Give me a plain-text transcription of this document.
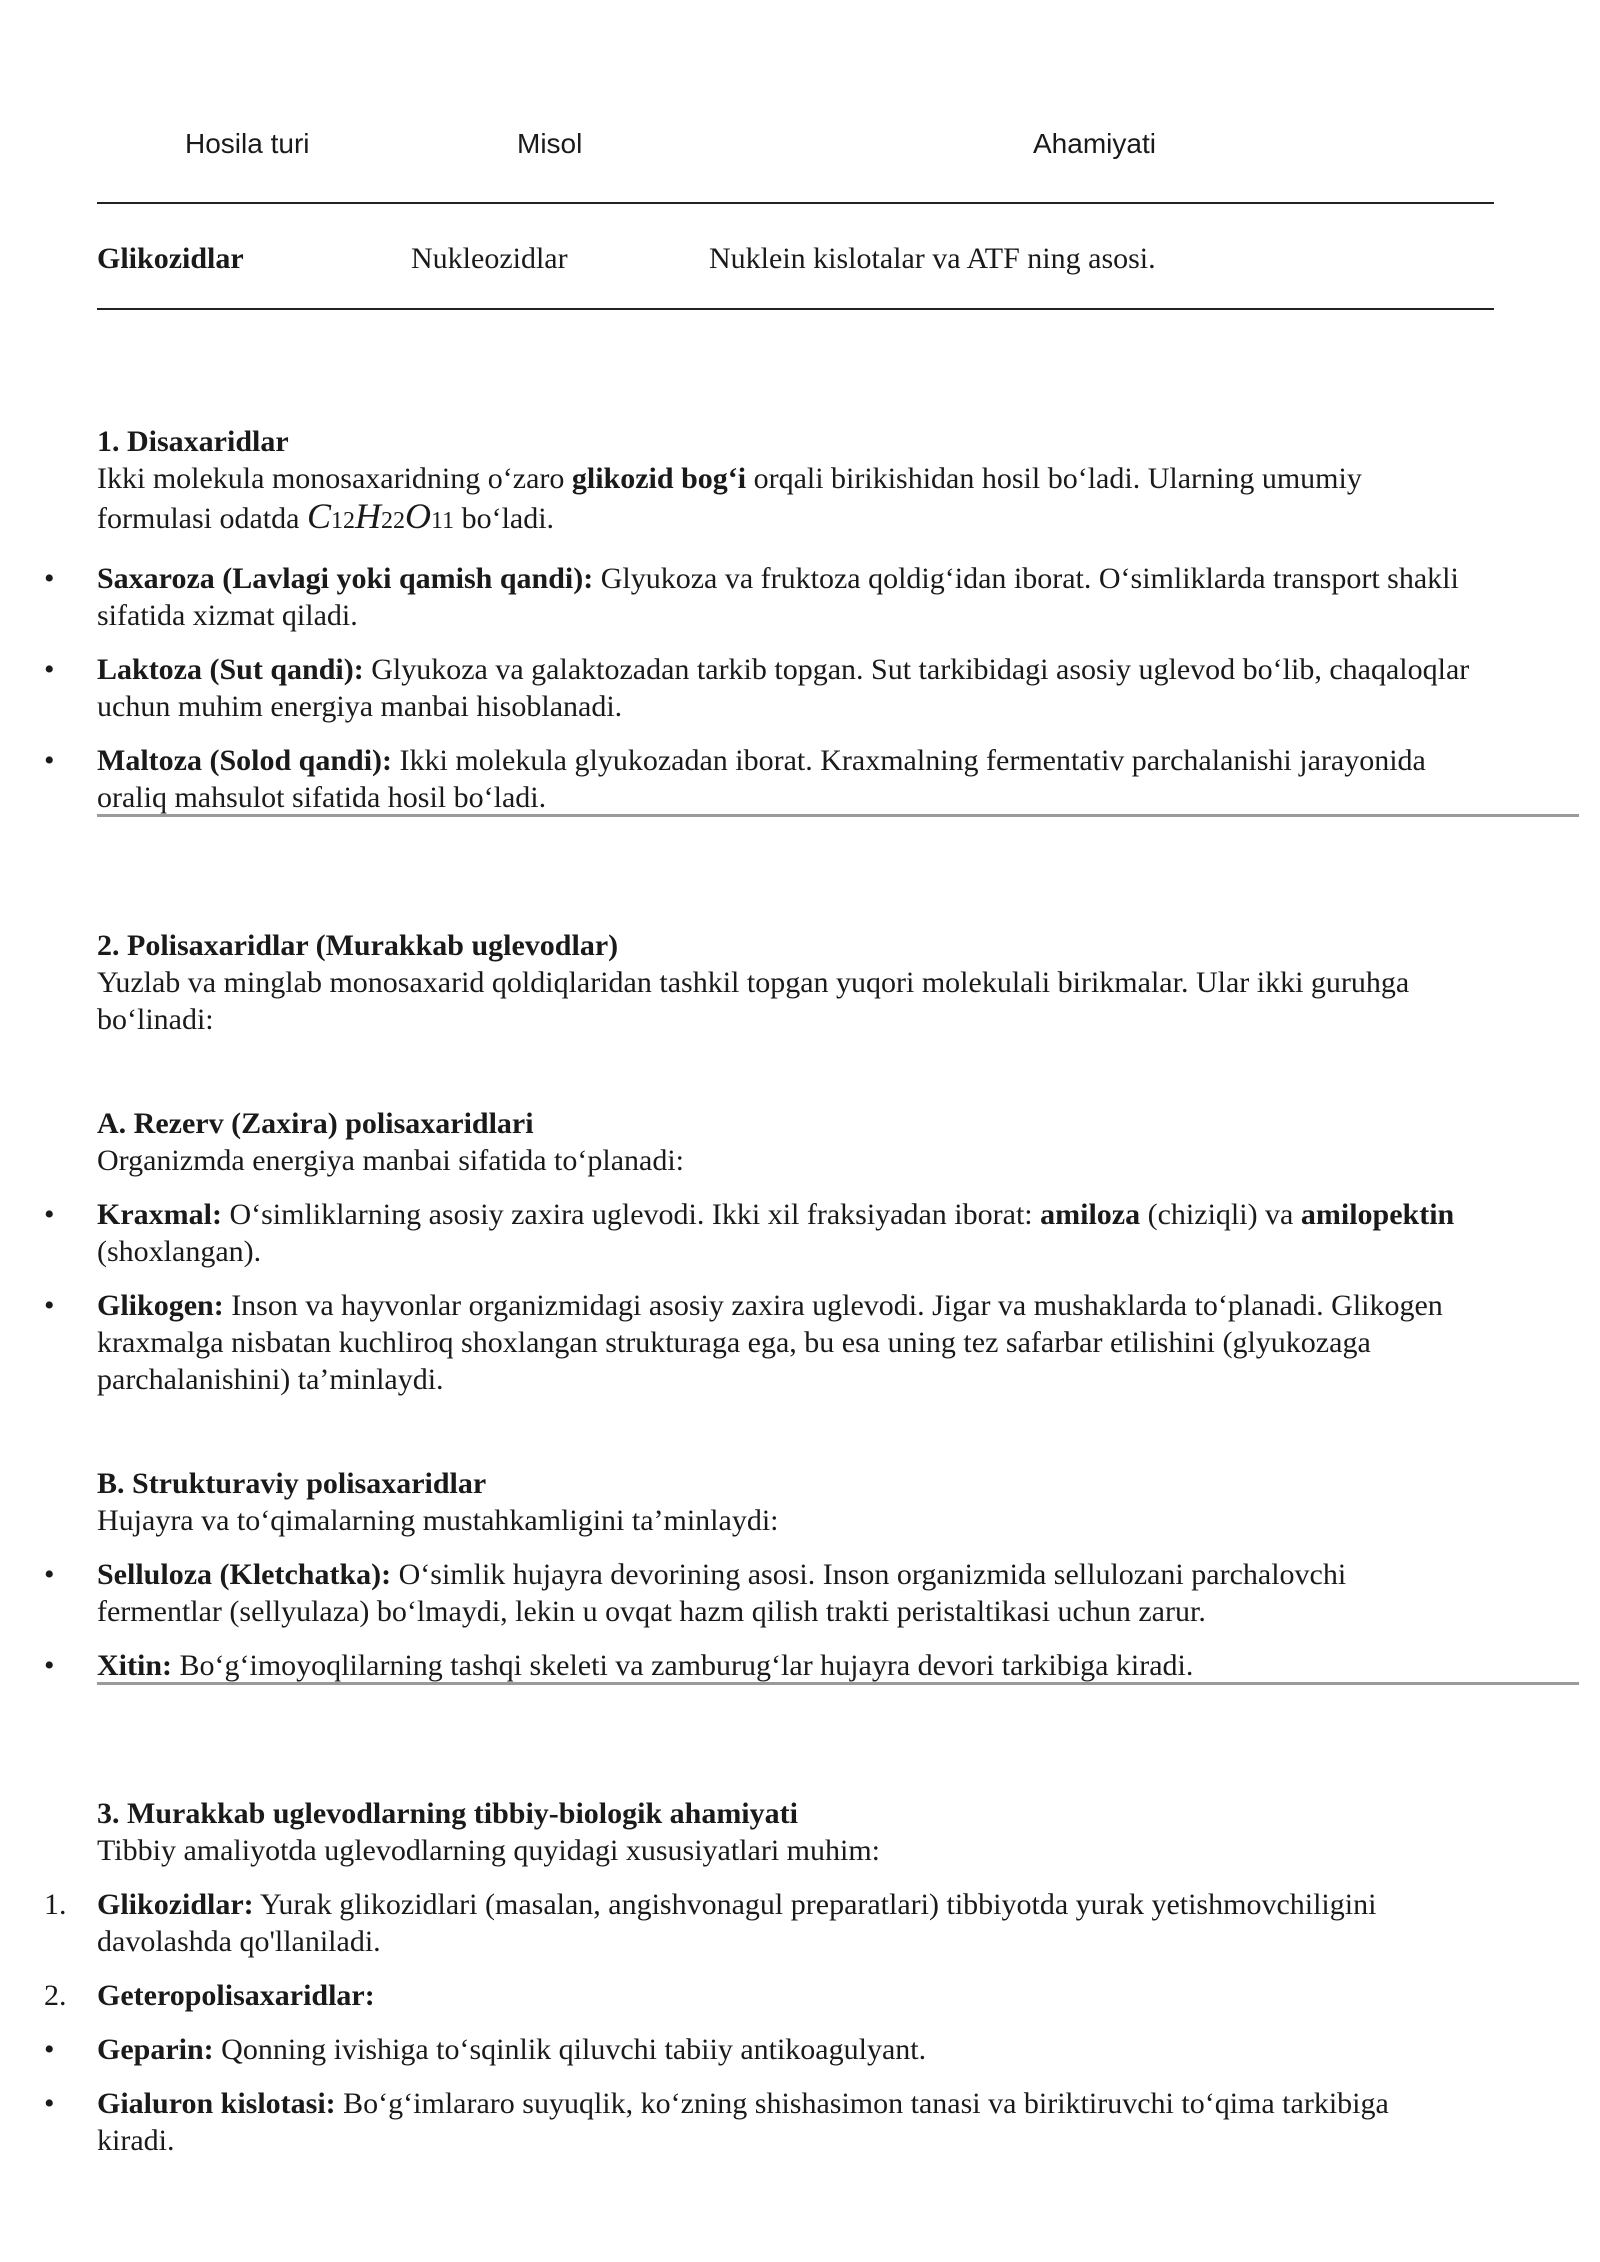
Hosila turi	Misol	Ahamiyati
Glikozidlar	Nukleozidlar	Nuklein kislotalar va ATF ning asosi.
1. Disaxaridlar
Ikki molekula monosaxaridning o‘zaro glikozid bog‘i orqali birikishidan hosil bo‘ladi. Ularning umumiy
formulasi odatda C12H22O11 bo‘ladi.
• Saxaroza (Lavlagi yoki qamish qandi): Glyukoza va fruktoza qoldig‘idan iborat. O‘simliklarda transport shakli
sifatida xizmat qiladi.
• Laktoza (Sut qandi): Glyukoza va galaktozadan tarkib topgan. Sut tarkibidagi asosiy uglevod bo‘lib, chaqaloqlar
uchun muhim energiya manbai hisoblanadi.
• Maltoza (Solod qandi): Ikki molekula glyukozadan iborat. Kraxmalning fermentativ parchalanishi jarayonida
oraliq mahsulot sifatida hosil bo‘ladi.
2. Polisaxaridlar (Murakkab uglevodlar)
Yuzlab va minglab monosaxarid qoldiqlaridan tashkil topgan yuqori molekulali birikmalar. Ular ikki guruhga
bo‘linadi:
A. Rezerv (Zaxira) polisaxaridlari
Organizmda energiya manbai sifatida to‘planadi:
• Kraxmal: O‘simliklarning asosiy zaxira uglevodi. Ikki xil fraksiyadan iborat: amiloza (chiziqli) va amilopektin
(shoxlangan).
• Glikogen: Inson va hayvonlar organizmidagi asosiy zaxira uglevodi. Jigar va mushaklarda to‘planadi. Glikogen
kraxmalga nisbatan kuchliroq shoxlangan strukturaga ega, bu esa uning tez safarbar etilishini (glyukozaga
parchalanishini) ta’minlaydi.
B. Strukturaviy polisaxaridlar
Hujayra va to‘qimalarning mustahkamligini ta’minlaydi:
• Selluloza (Kletchatka): O‘simlik hujayra devorining asosi. Inson organizmida sellulozani parchalovchi
fermentlar (sellyulaza) bo‘lmaydi, lekin u ovqat hazm qilish trakti peristaltikasi uchun zarur.
• Xitin: Bo‘g‘imoyoqlilarning tashqi skeleti va zamburug‘lar hujayra devori tarkibiga kiradi.
3. Murakkab uglevodlarning tibbiy-biologik ahamiyati
Tibbiy amaliyotda uglevodlarning quyidagi xususiyatlari muhim:
1. Glikozidlar: Yurak glikozidlari (masalan, angishvonagul preparatlari) tibbiyotda yurak yetishmovchiligini
davolashda qo'llaniladi.
2. Geteropolisaxaridlar:
• Geparin: Qonning ivishiga to‘sqinlik qiluvchi tabiiy antikoagulyant.
• Gialuron kislotasi: Bo‘g‘imlararo suyuqlik, ko‘zning shishasimon tanasi va biriktiruvchi to‘qima tarkibiga
kiradi.
